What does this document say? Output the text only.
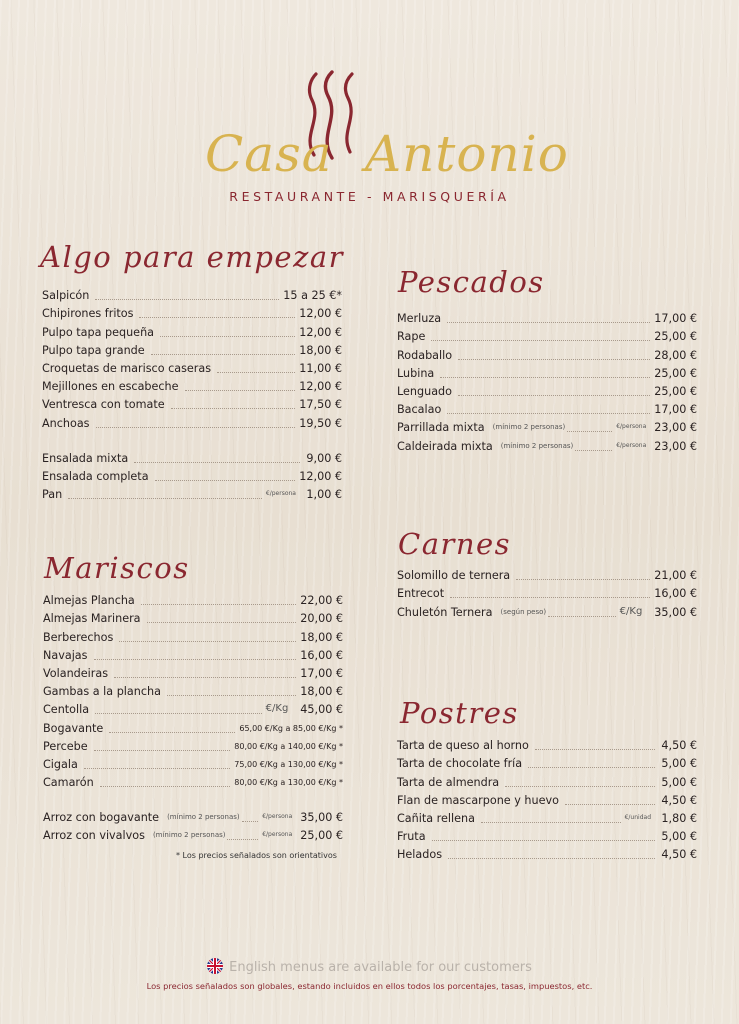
Casa Antonio
RESTAURANTE - MARISQUERÍA
Algo para empezar
Salpicón	15 a 25 €*
Chipirones fritos	12,00 €
Pulpo tapa pequeña	12,00 €
Pulpo tapa grande	18,00 €
Croquetas de marisco caseras	11,00 €
Mejillones en escabeche	12,00 €
Ventresca con tomate	17,50 €
Anchoas	19,50 €
Ensalada mixta	9,00 €
Ensalada completa	12,00 €
Pan	€/persona 1,00 €
Mariscos
Almejas Plancha	22,00 €
Almejas Marinera	20,00 €
Berberechos	18,00 €
Navajas	16,00 €
Volandeiras	17,00 €
Gambas a la plancha	18,00 €
Centolla	€/Kg 45,00 €
Bogavante	65,00 €/Kg a 85,00 €/Kg *
Percebe	80,00 €/Kg a 140,00 €/Kg *
Cigala	75,00 €/Kg a 130,00 €/Kg *
Camarón	80,00 €/Kg a 130,00 €/Kg *
Arroz con bogavante	(mínimo 2 personas)	€/persona 35,00 €
Arroz con vivalvos	(mínimo 2 personas)	€/persona 25,00 €
* Los precios señalados son orientativos
Pescados
Merluza	17,00 €
Rape	25,00 €
Rodaballo	28,00 €
Lubina	25,00 €
Lenguado	25,00 €
Bacalao	17,00 €
Parrillada mixta	(mínimo 2 personas)	€/persona 23,00 €
Caldeirada mixta	(mínimo 2 personas)	€/persona 23,00 €
Carnes
Solomillo de ternera	21,00 €
Entrecot	16,00 €
Chuletón Ternera	(según peso)	€/Kg 35,00 €
Postres
Tarta de queso al horno	4,50 €
Tarta de chocolate fría	5,00 €
Tarta de almendra	5,00 €
Flan de mascarpone y huevo	4,50 €
Cañita rellena	€/unidad 1,80 €
Fruta	5,00 €
Helados	4,50 €
English menus are available for our customers
Los precios señalados son globales, estando incluidos en ellos todos los porcentajes, tasas, impuestos, etc.
